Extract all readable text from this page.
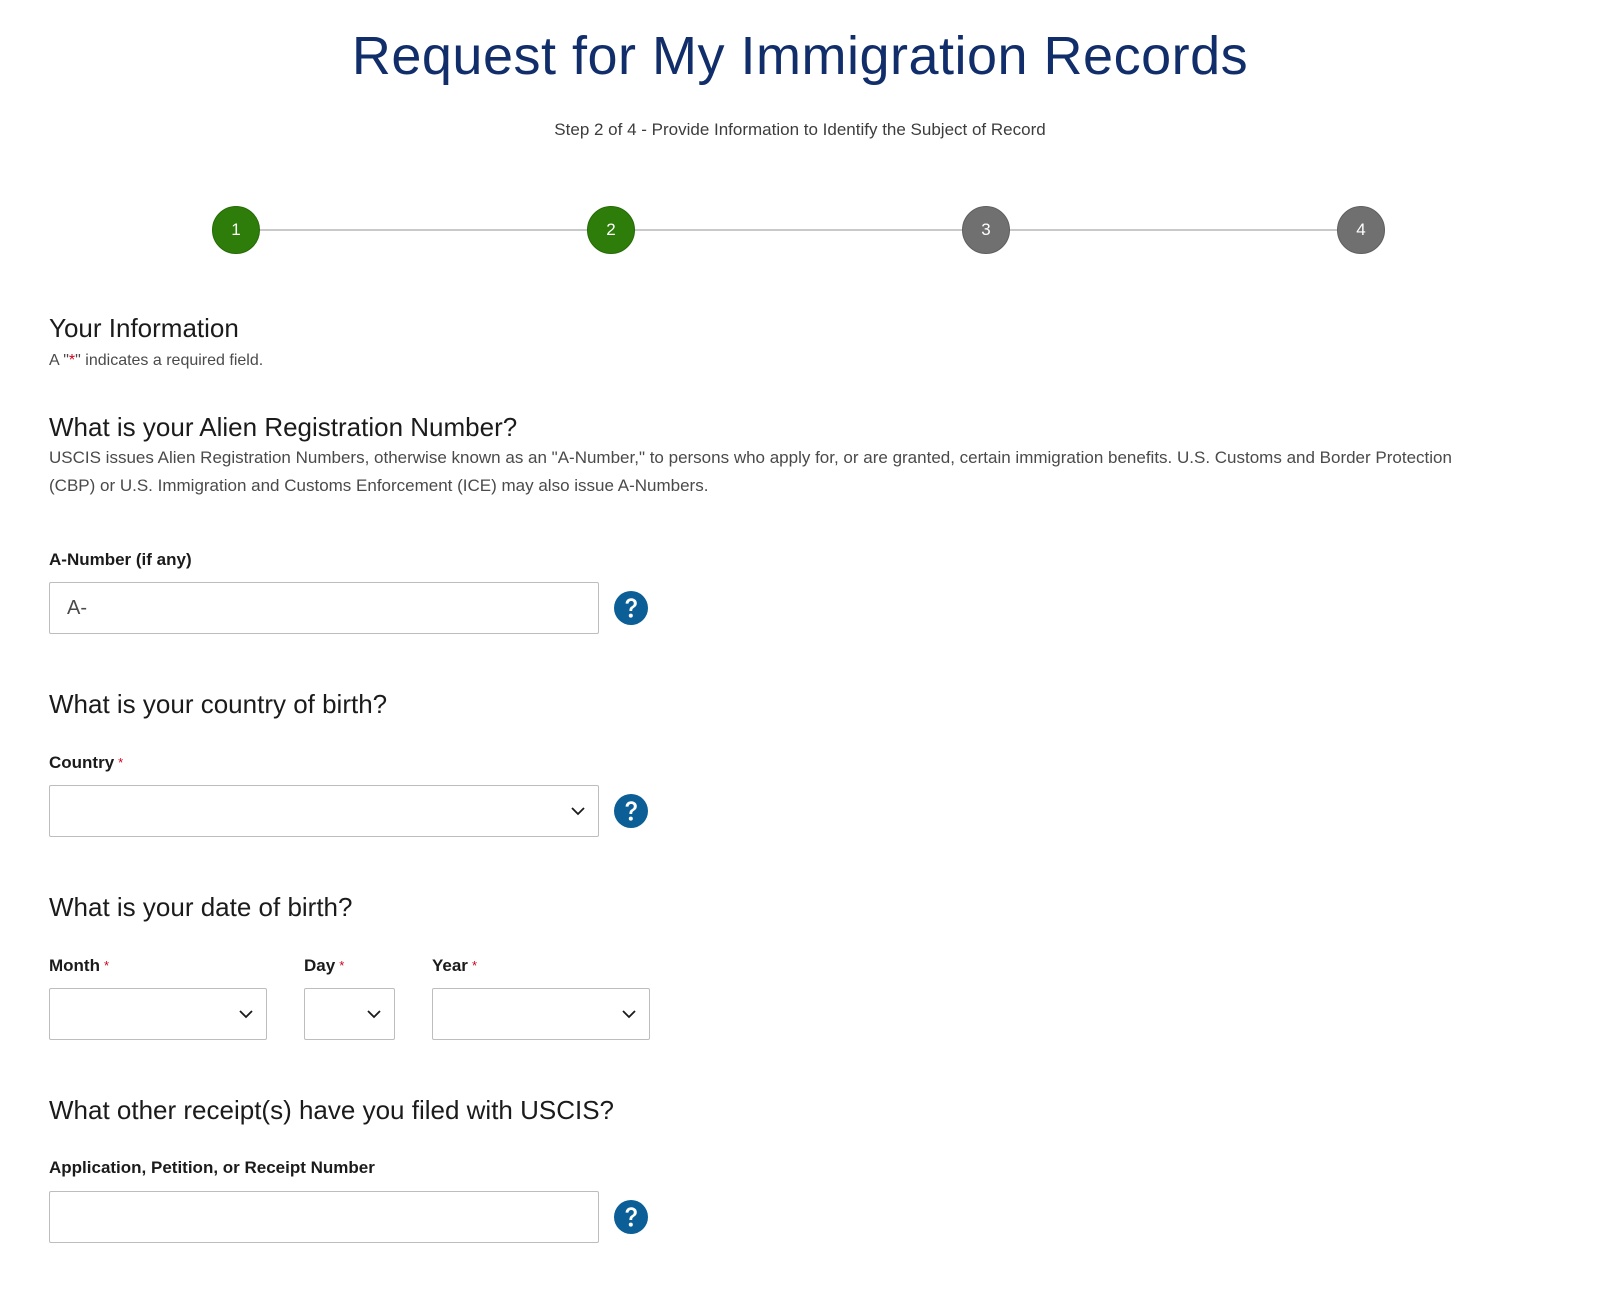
Request for My Immigration Records
Step 2 of 4 - Provide Information to Identify the Subject of Record
1	2	3	4
Your Information
A "*" indicates a required field.
What is your Alien Registration Number?
USCIS issues Alien Registration Numbers, otherwise known as an "A-Number," to persons who apply for, or are granted, certain immigration benefits. U.S. Customs and Border Protection (CBP) or U.S. Immigration and Customs Enforcement (ICE) may also issue A-Numbers.
A-Number (if any)
A-
What is your country of birth?
Country *
What is your date of birth?
Month *	Day *	Year *
What other receipt(s) have you filed with USCIS?
Application, Petition, or Receipt Number
